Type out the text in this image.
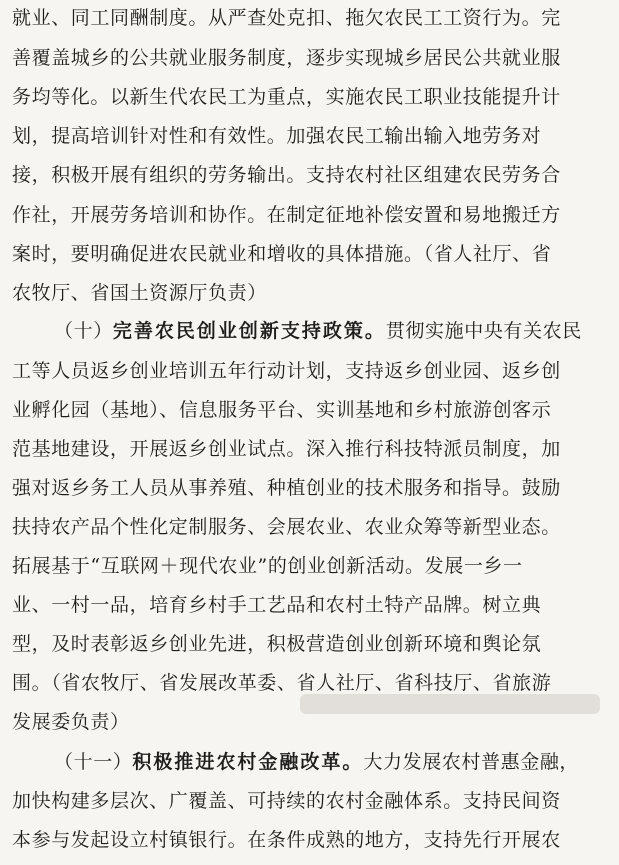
就业、同工同酬制度。从严查处克扣、拖欠农民工工资行为。完
善覆盖城乡的公共就业服务制度，逐步实现城乡居民公共就业服
务均等化。以新生代农民工为重点，实施农民工职业技能提升计
划，提高培训针对性和有效性。加强农民工输出输入地劳务对
接，积极开展有组织的劳务输出。支持农村社区组建农民劳务合
作社，开展劳务培训和协作。在制定征地补偿安置和易地搬迁方
案时，要明确促进农民就业和增收的具体措施。（省人社厅、省
农牧厅、省国土资源厅负责）
（十）完善农民创业创新支持政策。贯彻实施中央有关农民
工等人员返乡创业培训五年行动计划，支持返乡创业园、返乡创
业孵化园（基地）、信息服务平台、实训基地和乡村旅游创客示
范基地建设，开展返乡创业试点。深入推行科技特派员制度，加
强对返乡务工人员从事养殖、种植创业的技术服务和指导。鼓励
扶持农产品个性化定制服务、会展农业、农业众筹等新型业态。
拓展基于“互联网＋现代农业”的创业创新活动。发展一乡一
业、一村一品，培育乡村手工艺品和农村土特产品牌。树立典
型，及时表彰返乡创业先进，积极营造创业创新环境和舆论氛
围。（省农牧厅、省发展改革委、省人社厅、省科技厅、省旅游
发展委负责）
（十一）积极推进农村金融改革。大力发展农村普惠金融，
加快构建多层次、广覆盖、可持续的农村金融体系。支持民间资
本参与发起设立村镇银行。在条件成熟的地方，支持先行开展农
